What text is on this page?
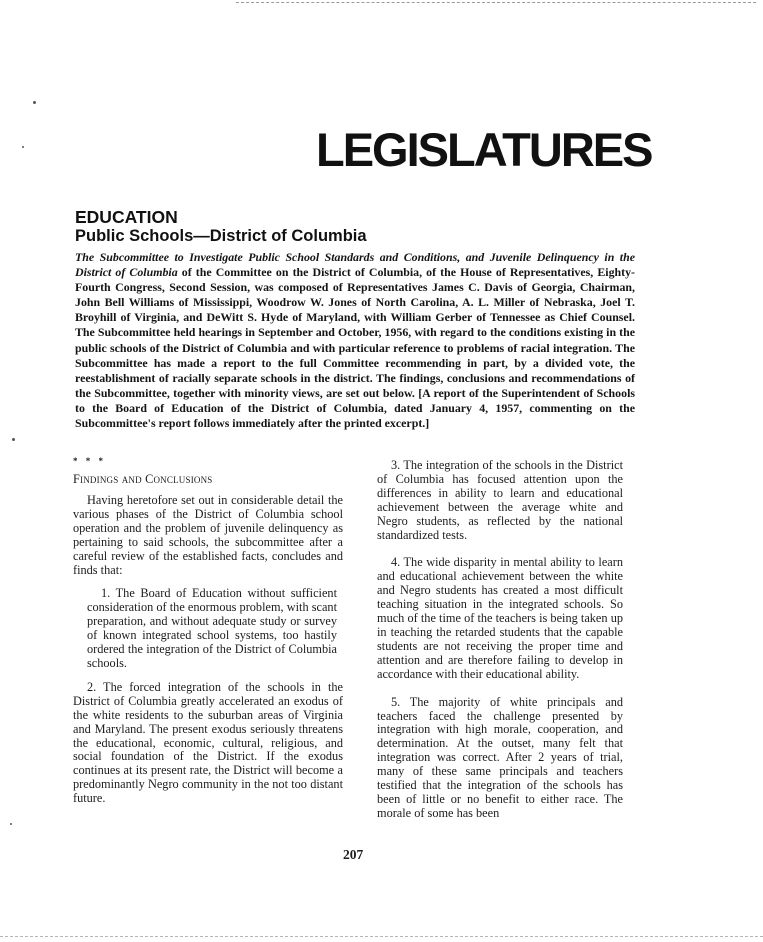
LEGISLATURES
EDUCATION
Public Schools—District of Columbia

The Subcommittee to Investigate Public School Standards and Conditions, and Juvenile Delinquency in the District of Columbia of the Committee on the District of Columbia, of the House of Representatives, Eighty-Fourth Congress, Second Session, was composed of Representatives James C. Davis of Georgia, Chairman, John Bell Williams of Mississippi, Woodrow W. Jones of North Carolina, A. L. Miller of Nebraska, Joel T. Broyhill of Virginia, and DeWitt S. Hyde of Maryland, with William Gerber of Tennessee as Chief Counsel. The Subcommittee held hearings in September and October, 1956, with regard to the conditions existing in the public schools of the District of Columbia and with particular reference to problems of racial integration. The Subcommittee has made a report to the full Committee recommending in part, by a divided vote, the reestablishment of racially separate schools in the district. The findings, conclusions and recommendations of the Subcommittee, together with minority views, are set out below. [A report of the Superintendent of Schools to the Board of Education of the District of Columbia, dated January 4, 1957, commenting on the Subcommittee's report follows immediately after the printed excerpt.]

* * *

Findings and Conclusions

Having heretofore set out in considerable detail the various phases of the District of Columbia school operation and the problem of juvenile delinquency as pertaining to said schools, the subcommittee after a careful review of the established facts, concludes and finds that:

1. The Board of Education without sufficient consideration of the enormous problem, with scant preparation, and without adequate study or survey of known integrated school systems, too hastily ordered the integration of the District of Columbia schools.

2. The forced integration of the schools in the District of Columbia greatly accelerated an exodus of the white residents to the suburban areas of Virginia and Maryland. The present exodus seriously threatens the educational, economic, cultural, religious, and social foundation of the District. If the exodus continues at its present rate, the District will become a predominantly Negro community in the not too distant future.

3. The integration of the schools in the District of Columbia has focused attention upon the differences in ability to learn and educational achievement between the average white and Negro students, as reflected by the national standardized tests.

4. The wide disparity in mental ability to learn and educational achievement between the white and Negro students has created a most difficult teaching situation in the integrated schools. So much of the time of the teachers is being taken up in teaching the retarded students that the capable students are not receiving the proper time and attention and are therefore failing to develop in accordance with their educational ability.

5. The majority of white principals and teachers faced the challenge presented by integration with high morale, cooperation, and determination. At the outset, many felt that integration was correct. After 2 years of trial, many of these same principals and teachers testified that the integration of the schools has been of little or no benefit to either race. The morale of some has been

207
